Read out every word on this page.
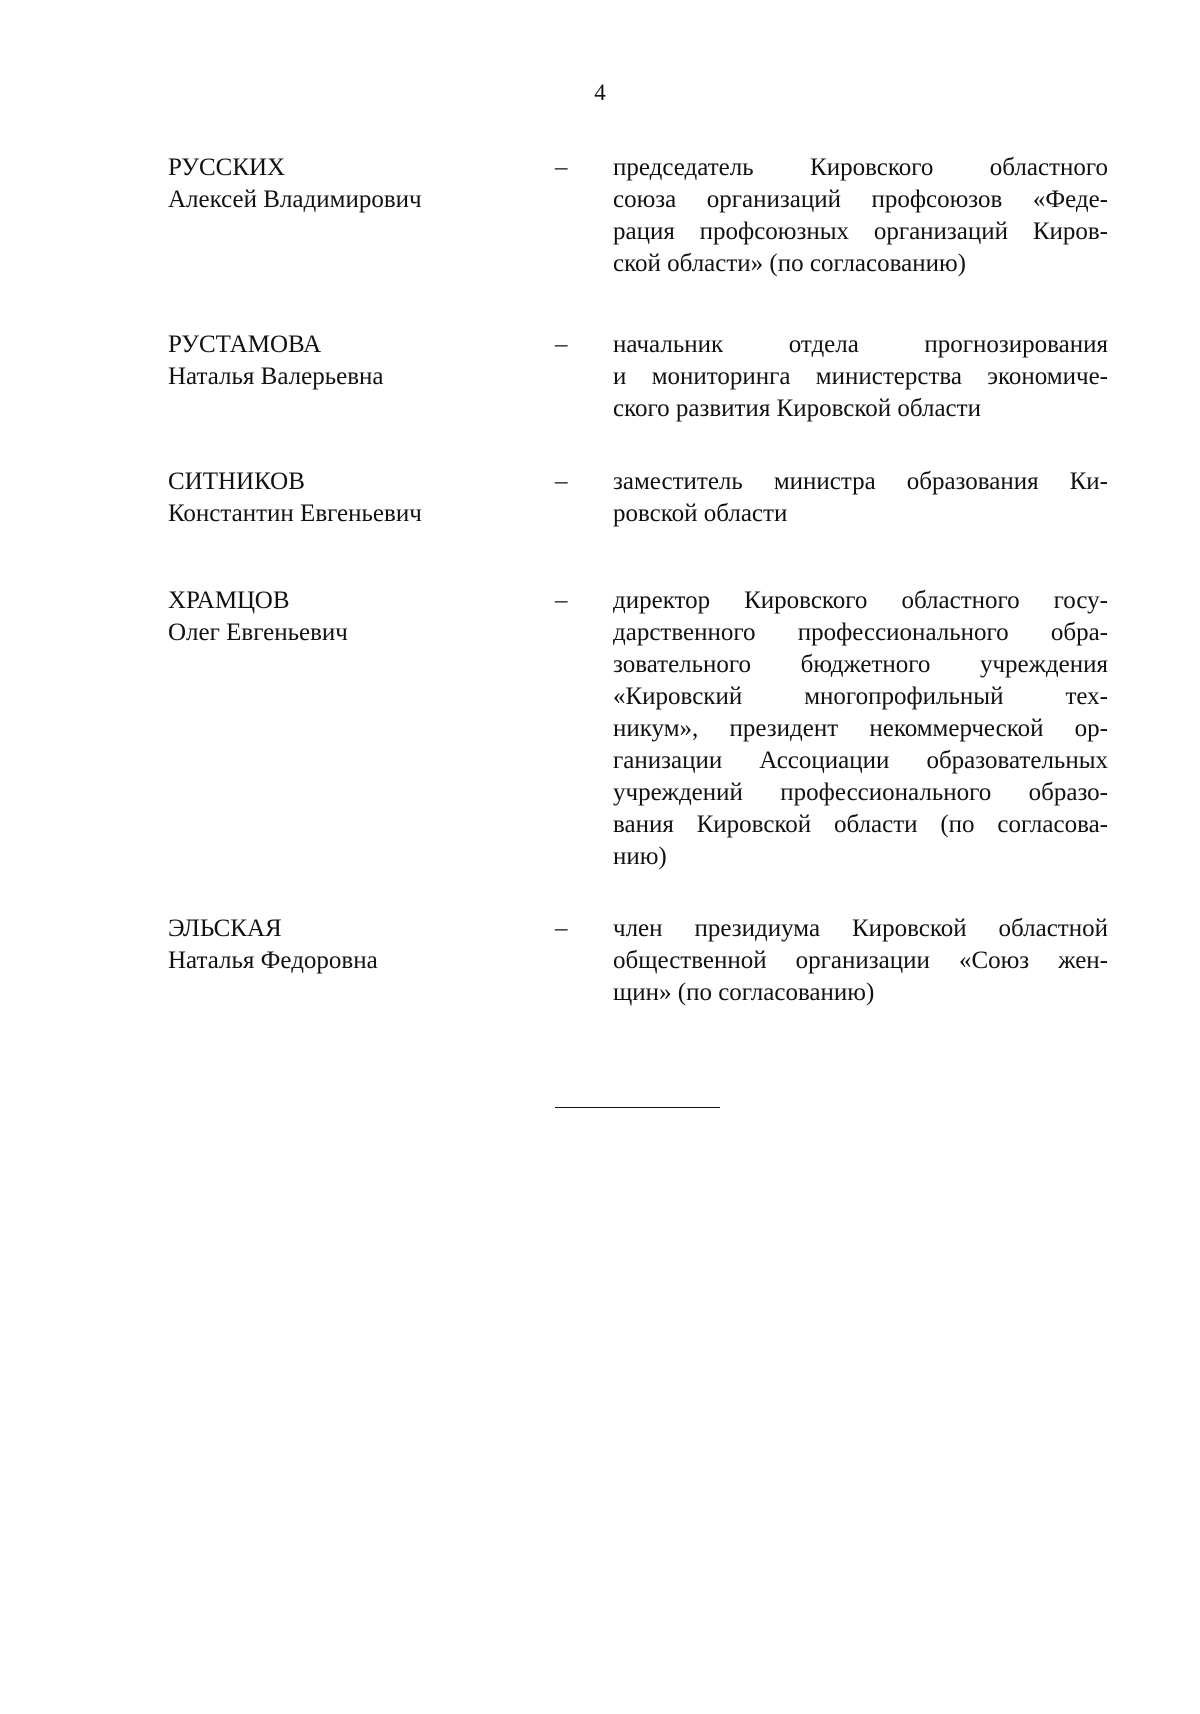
4
РУССКИХ
Алексей Владимирович
–	председатель Кировского областного
союза организаций профсоюзов «Феде-
рация профсоюзных организаций Киров-
ской области» (по согласованию)
РУСТАМОВА
Наталья Валерьевна
–	начальник отдела прогнозирования
и мониторинга министерства экономиче-
ского развития Кировской области
СИТНИКОВ
Константин Евгеньевич
–	заместитель министра образования Ки-
ровской области
ХРАМЦОВ
Олег Евгеньевич
–	директор Кировского областного госу-
дарственного профессионального обра-
зовательного бюджетного учреждения
«Кировский многопрофильный тех-
никум», президент некоммерческой ор-
ганизации Ассоциации образовательных
учреждений профессионального образо-
вания Кировской области (по согласова-
нию)
ЭЛЬСКАЯ
Наталья Федоровна
–	член президиума Кировской областной
общественной организации «Союз жен-
щин» (по согласованию)
